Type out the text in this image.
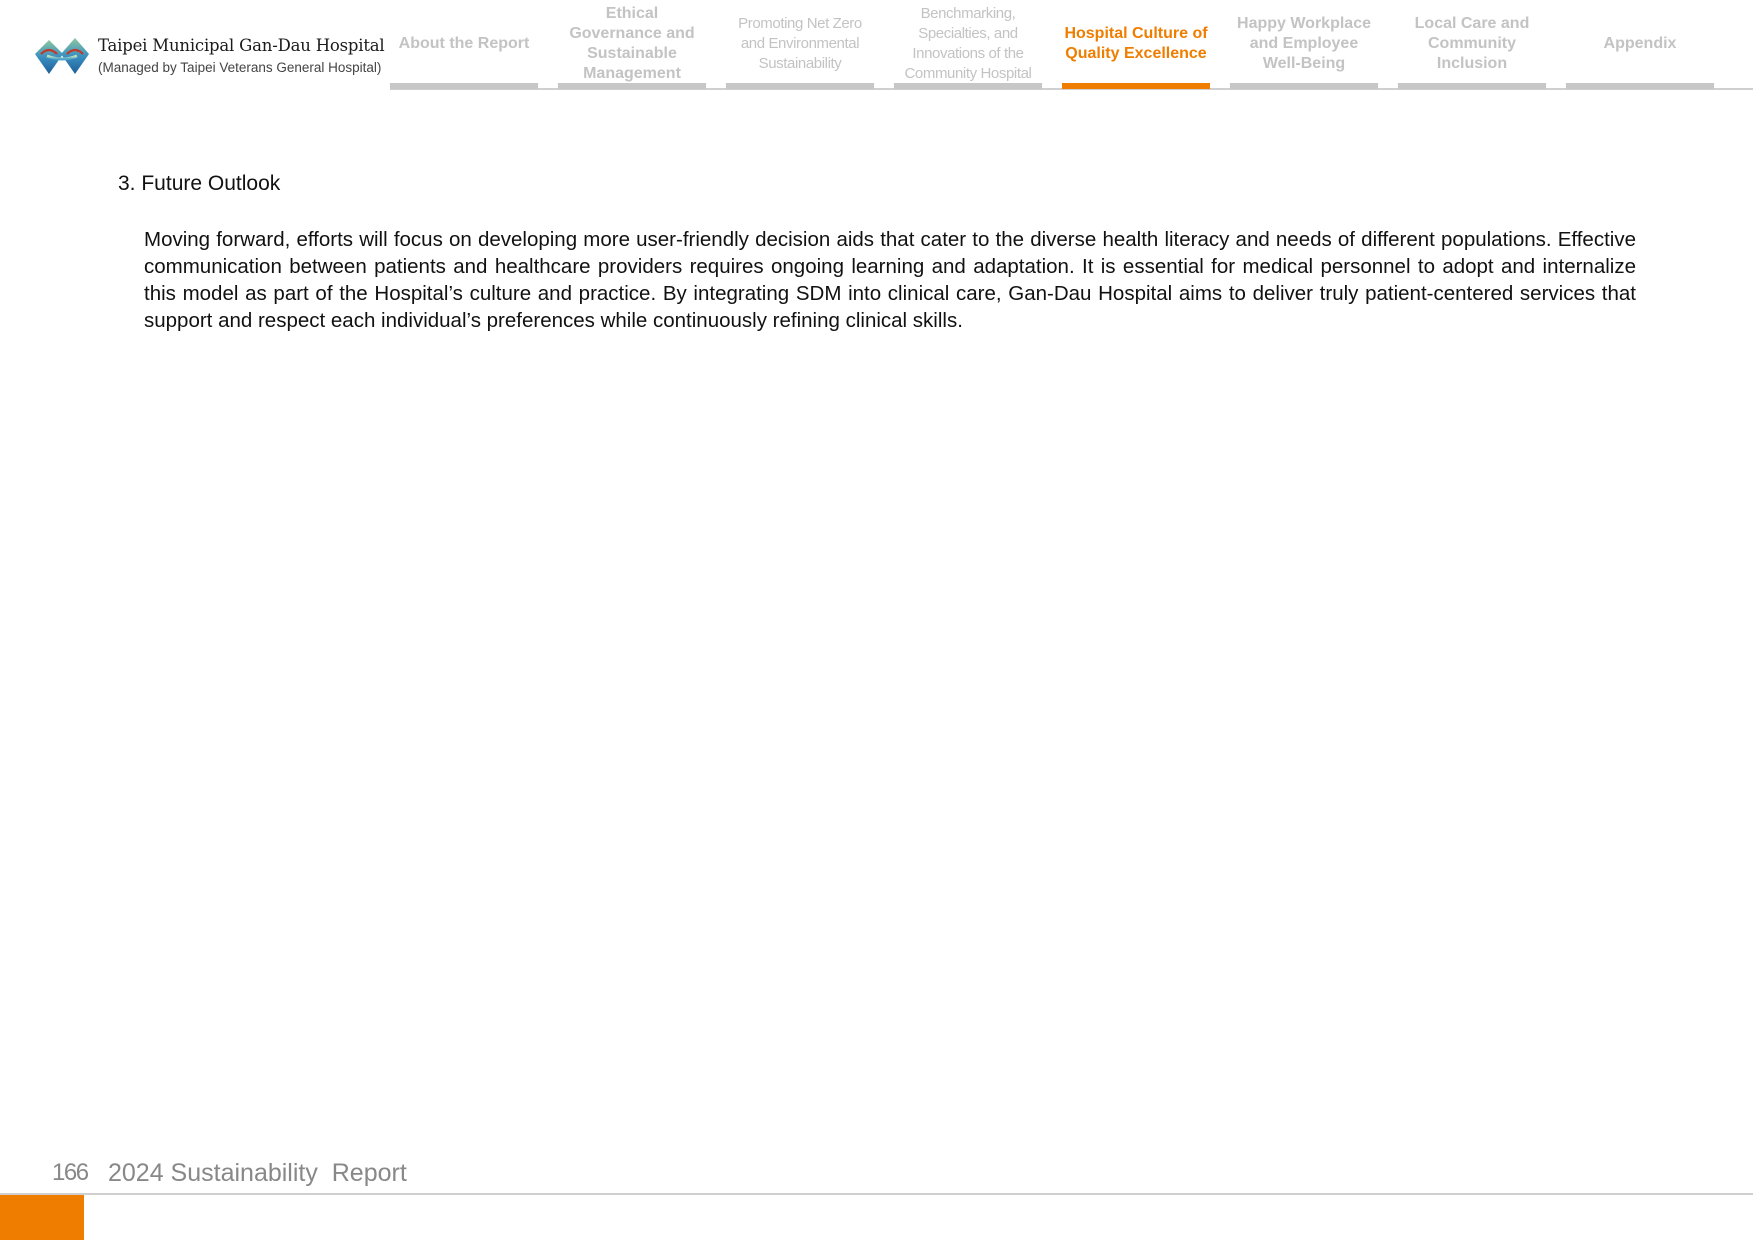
Taipei Municipal Gan-Dau Hospital
(Managed by Taipei Veterans General Hospital)
About the Report
Ethical Governance and Sustainable Management
Promoting Net Zero and Environmental Sustainability
Benchmarking, Specialties, and Innovations of the Community Hospital
Hospital Culture of Quality Excellence
Happy Workplace and Employee Well-Being
Local Care and Community Inclusion
Appendix
3. Future Outlook

Moving forward, efforts will focus on developing more user-friendly decision aids that cater to the diverse health literacy and needs of different populations. Effective communication between patients and healthcare providers requires ongoing learning and adaptation. It is essential for medical personnel to adopt and internalize this model as part of the Hospital’s culture and practice. By integrating SDM into clinical care, Gan-Dau Hospital aims to deliver truly patient-centered services that support and respect each individual’s preferences while continuously refining clinical skills.

166 2024 Sustainability  Report
